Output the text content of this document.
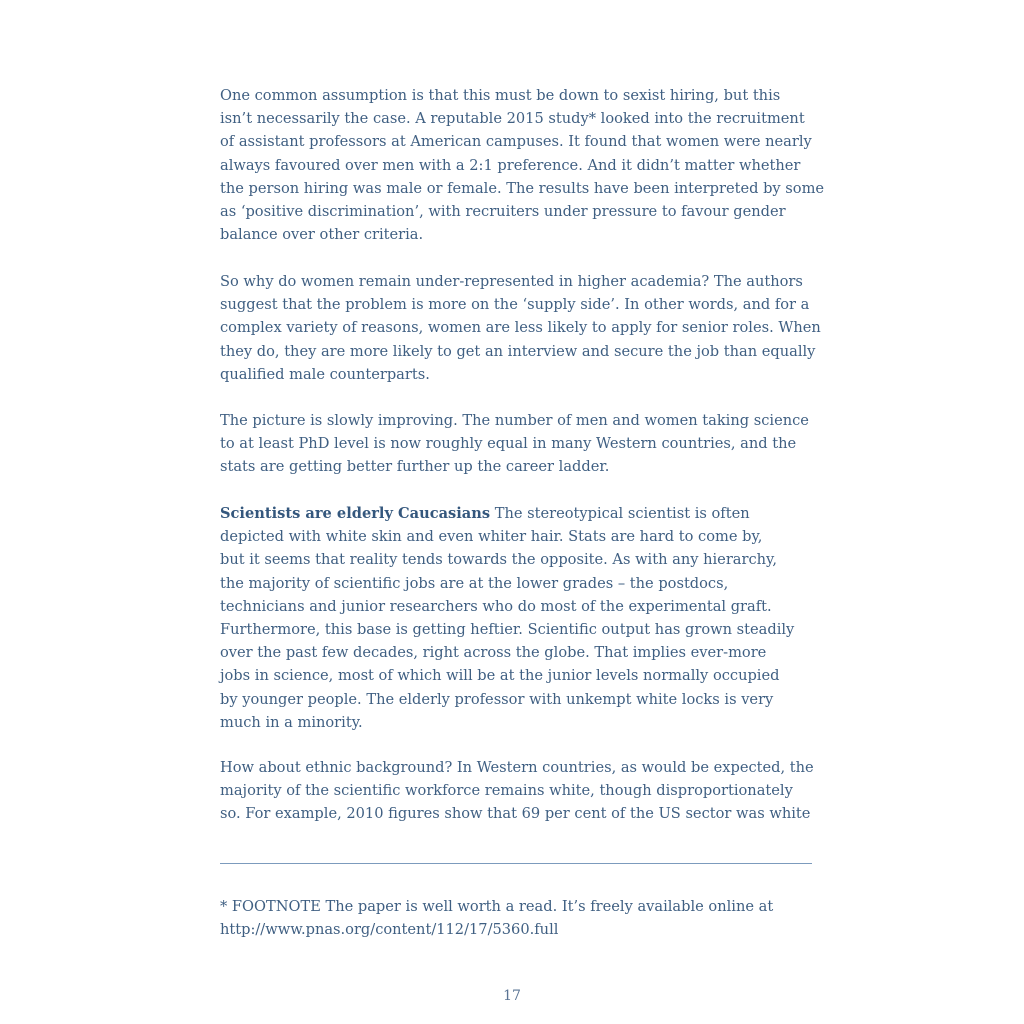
One common assumption is that this must be down to sexist hiring, but this
isn’t necessarily the case. A reputable 2015 study* looked into the recruitment
of assistant professors at American campuses. It found that women were nearly
always favoured over men with a 2:1 preference. And it didn’t matter whether
the person hiring was male or female. The results have been interpreted by some
as ‘positive discrimination’, with recruiters under pressure to favour gender
balance over other criteria.

So why do women remain under-represented in higher academia? The authors
suggest that the problem is more on the ‘supply side’. In other words, and for a
complex variety of reasons, women are less likely to apply for senior roles. When
they do, they are more likely to get an interview and secure the job than equally
qualified male counterparts.

The picture is slowly improving. The number of men and women taking science
to at least PhD level is now roughly equal in many Western countries, and the
stats are getting better further up the career ladder.

Scientists are elderly Caucasians The stereotypical scientist is often
depicted with white skin and even whiter hair. Stats are hard to come by,
but it seems that reality tends towards the opposite. As with any hierarchy,
the majority of scientific jobs are at the lower grades – the postdocs,
technicians and junior researchers who do most of the experimental graft.
Furthermore, this base is getting heftier. Scientific output has grown steadily
over the past few decades, right across the globe. That implies ever-more
jobs in science, most of which will be at the junior levels normally occupied
by younger people. The elderly professor with unkempt white locks is very
much in a minority.

How about ethnic background? In Western countries, as would be expected, the
majority of the scientific workforce remains white, though disproportionately
so. For example, 2010 figures show that 69 per cent of the US sector was white

* FOOTNOTE The paper is well worth a read. It’s freely available online at
http://www.pnas.org/content/112/17/5360.full
17
